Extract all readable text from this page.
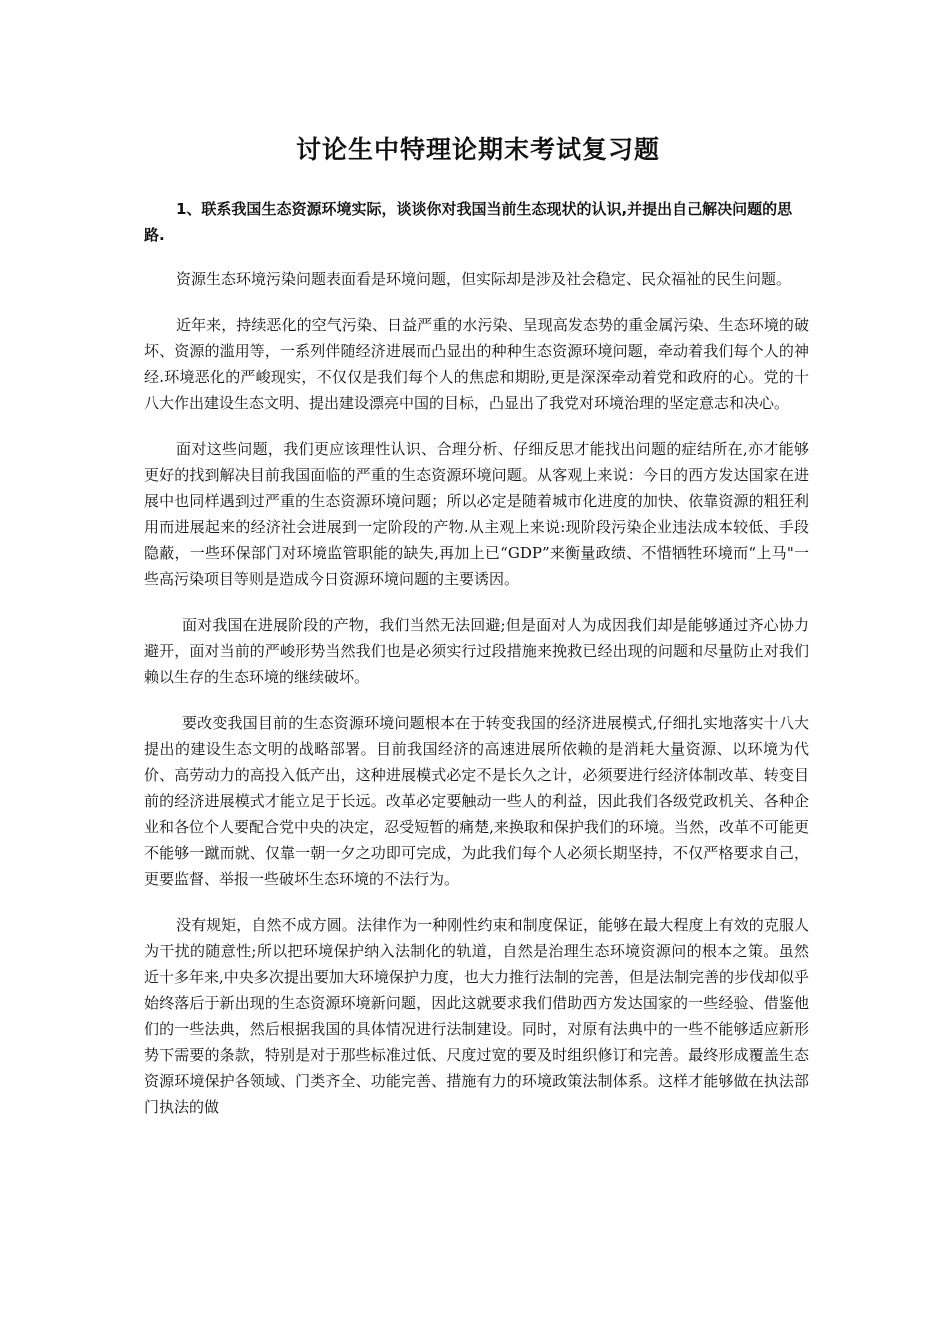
讨论生中特理论期末考试复习题

1、联系我国生态资源环境实际，谈谈你对我国当前生态现状的认识,并提出自己解决问题的思路.

资源生态环境污染问题表面看是环境问题，但实际却是涉及社会稳定、民众福祉的民生问题。

近年来，持续恶化的空气污染、日益严重的水污染、呈现高发态势的重金属污染、生态环境的破坏、资源的滥用等，一系列伴随经济进展而凸显出的种种生态资源环境问题，牵动着我们每个人的神经.环境恶化的严峻现实，不仅仅是我们每个人的焦虑和期盼,更是深深牵动着党和政府的心。党的十八大作出建设生态文明、提出建设漂亮中国的目标，凸显出了我党对环境治理的坚定意志和决心。

面对这些问题，我们更应该理性认识、合理分析、仔细反思才能找出问题的症结所在,亦才能够更好的找到解决目前我国面临的严重的生态资源环境问题。从客观上来说：今日的西方发达国家在进展中也同样遇到过严重的生态资源环境问题；所以必定是随着城市化进度的加快、依靠资源的粗狂利用而进展起来的经济社会进展到一定阶段的产物.从主观上来说:现阶段污染企业违法成本较低、手段隐蔽，一些环保部门对环境监管职能的缺失,再加上已“GDP”来衡量政绩、不惜牺牲环境而“上马"一些高污染项目等则是造成今日资源环境问题的主要诱因。

面对我国在进展阶段的产物，我们当然无法回避;但是面对人为成因我们却是能够通过齐心协力避开，面对当前的严峻形势当然我们也是必须实行过段措施来挽救已经出现的问题和尽量防止对我们赖以生存的生态环境的继续破坏。

要改变我国目前的生态资源环境问题根本在于转变我国的经济进展模式,仔细扎实地落实十八大提出的建设生态文明的战略部署。目前我国经济的高速进展所依赖的是消耗大量资源、以环境为代价、高劳动力的高投入低产出，这种进展模式必定不是长久之计，必须要进行经济体制改革、转变目前的经济进展模式才能立足于长远。改革必定要触动一些人的利益，因此我们各级党政机关、各种企业和各位个人要配合党中央的决定，忍受短暂的痛楚,来换取和保护我们的环境。当然，改革不可能更不能够一蹴而就、仅靠一朝一夕之功即可完成，为此我们每个人必须长期坚持，不仅严格要求自己，更要监督、举报一些破坏生态环境的不法行为。

没有规矩，自然不成方圆。法律作为一种刚性约束和制度保证，能够在最大程度上有效的克服人为干扰的随意性;所以把环境保护纳入法制化的轨道，自然是治理生态环境资源问的根本之策。虽然近十多年来,中央多次提出要加大环境保护力度，也大力推行法制的完善，但是法制完善的步伐却似乎始终落后于新出现的生态资源环境新问题，因此这就要求我们借助西方发达国家的一些经验、借鉴他们的一些法典，然后根据我国的具体情况进行法制建设。同时，对原有法典中的一些不能够适应新形势下需要的条款，特别是对于那些标准过低、尺度过宽的要及时组织修订和完善。最终形成覆盖生态资源环境保护各领域、门类齐全、功能完善、措施有力的环境政策法制体系。这样才能够做在执法部门执法的做
